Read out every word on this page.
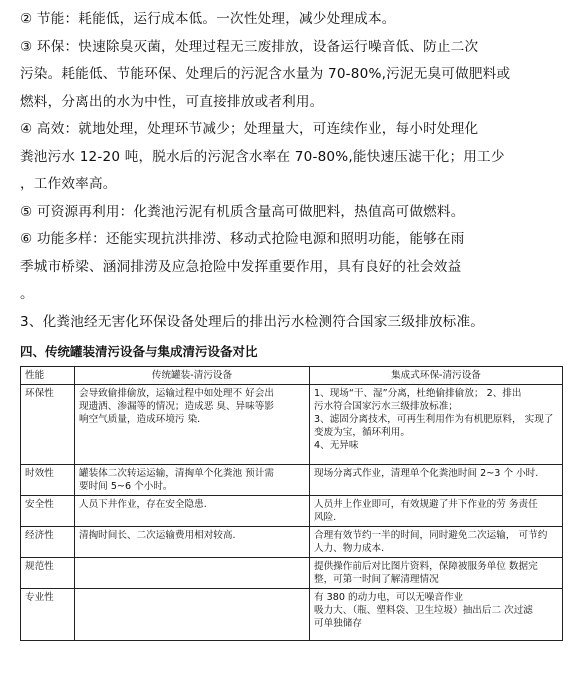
② 节能：耗能低，运行成本低。一次性处理，减少处理成本。

③ 环保：快速除臭灭菌，处理过程无三废排放，设备运行噪音低、防止二次

污染。耗能低、节能环保、处理后的污泥含水量为 70-80%,污泥无臭可做肥料或

燃料，分离出的水为中性，可直接排放或者利用。

④ 高效：就地处理，处理环节减少；处理量大，可连续作业，每小时处理化

粪池污水 12-20 吨，脱水后的污泥含水率在 70-80%,能快速压滤干化；用工少

，工作效率高。

⑤ 可资源再利用：化粪池污泥有机质含量高可做肥料，热值高可做燃料。

⑥ 功能多样：还能实现抗洪排涝、移动式抢险电源和照明功能，能够在雨

季城市桥梁、涵洞排涝及应急抢险中发挥重要作用，具有良好的社会效益

。

3、化粪池经无害化环保设备处理后的排出污水检测符合国家三级排放标准。

四、传统罐装清污设备与集成清污设备对比
性能	传统罐装-清污设备	集成式环保-清污设备
环保性	会导致偷排偷放，运输过程中如处理不 好会出
现遗洒、渗漏等的情况；造成恶 臭、异味等影
响空气质量，造成环境污 染.	1、现场“干、湿”分离，杜绝偷排偷放； 2、排出
污水符合国家污水三级排放标准；
3、滤固分离技术，可再生利用作为有机肥原料， 实现了
变废为宝，循环利用。
4、无异味

时效性	罐装体二次转运运输，清掏单个化粪池 预计需
要时间 5~6 个小时。	现场分离式作业，清理单个化粪池时间 2~3 个 小时.

安全性	人员下井作业，存在安全隐患.	人员井上作业即可，有效规避了井下作业的劳 务责任
风险.

经济性	清掏时间长、二次运输费用相对较高.	合理有效节约一半的时间，同时避免二次运输， 可节约
人力、物力成本.

规范性		提供操作前后对比图片资料，保障被服务单位 数据完
整，可第一时间了解清理情况

专业性		有 380 的动力电，可以无噪音作业
吸力大、（瓶、塑料袋、卫生垃圾）抽出后二 次过滤
可单独储存
